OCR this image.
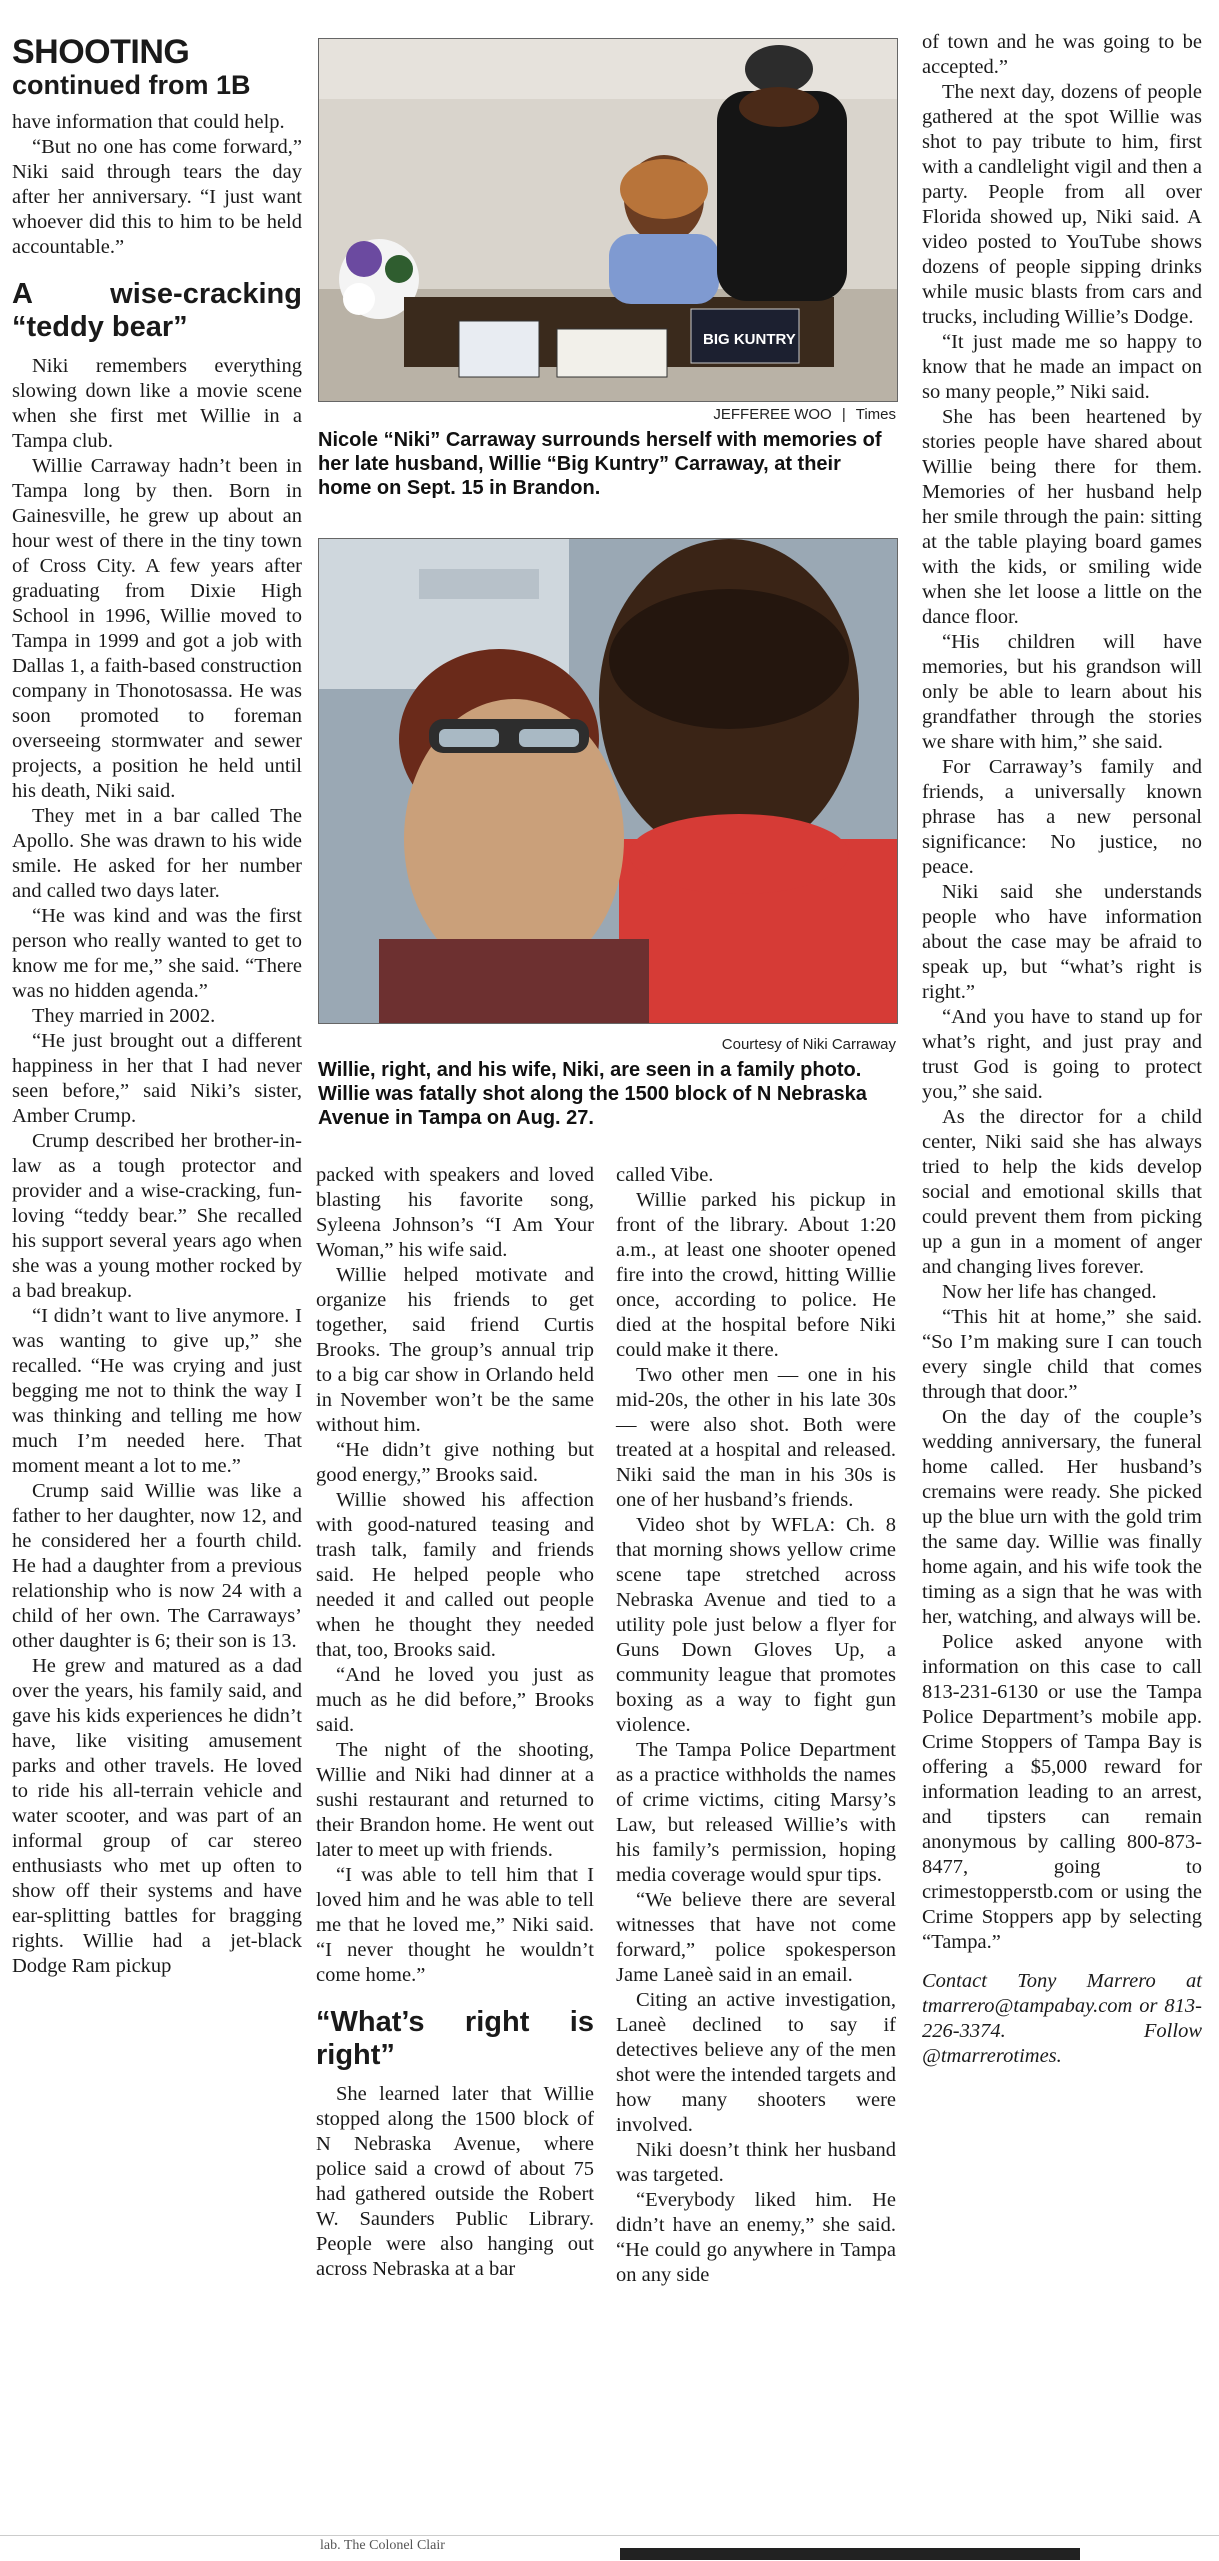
SHOOTING
continued from 1B

have information that could help.

“But no one has come forward,” Niki said through tears the day after her anniversary. “I just want whoever did this to him to be held accountable.”

A wise-cracking “teddy bear”

Niki remembers everything slowing down like a movie scene when she first met Willie in a Tampa club.

Willie Carraway hadn’t been in Tampa long by then. Born in Gainesville, he grew up about an hour west of there in the tiny town of Cross City. A few years after graduating from Dixie High School in 1996, Willie moved to Tampa in 1999 and got a job with Dallas 1, a faith-based construction company in Thonotosassa. He was soon promoted to foreman overseeing stormwater and sewer projects, a position he held until his death, Niki said.

They met in a bar called The Apollo. She was drawn to his wide smile. He asked for her number and called two days later.

“He was kind and was the first person who really wanted to get to know me for me,” she said. “There was no hidden agenda.”

They married in 2002.

“He just brought out a different happiness in her that I had never seen before,” said Niki’s sister, Amber Crump.

Crump described her brother-in-law as a tough protector and provider and a wise-cracking, fun-loving “teddy bear.” She recalled his support several years ago when she was a young mother rocked by a bad breakup.

“I didn’t want to live anymore. I was wanting to give up,” she recalled. “He was crying and just begging me not to think the way I was thinking and telling me how much I’m needed here. That moment meant a lot to me.”

Crump said Willie was like a father to her daughter, now 12, and he considered her a fourth child. He had a daughter from a previous relationship who is now 24 with a child of her own. The Carraways’ other daughter is 6; their son is 13.

He grew and matured as a dad over the years, his family said, and gave his kids experiences he didn’t have, like visiting amusement parks and other travels. He loved to ride his all-terrain vehicle and water scooter, and was part of an informal group of car stereo enthusiasts who met up often to show off their systems and have ear-splitting battles for bragging rights. Willie had a jet-black Dodge Ram pickup

BIG KUNTRY
JEFFEREE WOO | Times
Nicole “Niki” Carraway surrounds herself with memories of her late husband, Willie “Big Kuntry” Carraway, at their home on Sept. 15 in Brandon.
Courtesy of Niki Carraway
Willie, right, and his wife, Niki, are seen in a family photo. Willie was fatally shot along the 1500 block of N Nebraska Avenue in Tampa on Aug. 27.

packed with speakers and loved blasting his favorite song, Syleena Johnson’s “I Am Your Woman,” his wife said.

Willie helped motivate and organize his friends to get together, said friend Curtis Brooks. The group’s annual trip to a big car show in Orlando held in November won’t be the same without him.

“He didn’t give nothing but good energy,” Brooks said.

Willie showed his affection with good-natured teasing and trash talk, family and friends said. He helped people who needed it and called out people when he thought they needed that, too, Brooks said.

“And he loved you just as much as he did before,” Brooks said.

The night of the shooting, Willie and Niki had dinner at a sushi restaurant and returned to their Brandon home. He went out later to meet up with friends.

“I was able to tell him that I loved him and he was able to tell me that he loved me,” Niki said. “I never thought he wouldn’t come home.”

“What’s right is right”

She learned later that Willie stopped along the 1500 block of N Nebraska Avenue, where police said a crowd of about 75 had gathered outside the Robert W. Saunders Public Library. People were also hanging out across Nebraska at a bar

called Vibe.

Willie parked his pickup in front of the library. About 1:20 a.m., at least one shooter opened fire into the crowd, hitting Willie once, according to police. He died at the hospital before Niki could make it there.

Two other men — one in his mid-20s, the other in his late 30s — were also shot. Both were treated at a hospital and released. Niki said the man in his 30s is one of her husband’s friends.

Video shot by WFLA: Ch. 8 that morning shows yellow crime scene tape stretched across Nebraska Avenue and tied to a utility pole just below a flyer for Guns Down Gloves Up, a community league that promotes boxing as a way to fight gun violence.

The Tampa Police Department as a practice withholds the names of crime victims, citing Marsy’s Law, but released Willie’s with his family’s permission, hoping media coverage would spur tips.

“We believe there are several witnesses that have not come forward,” police spokesperson Jame Laneè said in an email.

Citing an active investigation, Laneè declined to say if detectives believe any of the men shot were the intended targets and how many shooters were involved.

Niki doesn’t think her husband was targeted.

“Everybody liked him. He didn’t have an enemy,” she said. “He could go anywhere in Tampa on any side

of town and he was going to be accepted.”

The next day, dozens of people gathered at the spot Willie was shot to pay tribute to him, first with a candlelight vigil and then a party. People from all over Florida showed up, Niki said. A video posted to YouTube shows dozens of people sipping drinks while music blasts from cars and trucks, including Willie’s Dodge.

“It just made me so happy to know that he made an impact on so many people,” Niki said.

She has been heartened by stories people have shared about Willie being there for them. Memories of her husband help her smile through the pain: sitting at the table playing board games with the kids, or smiling wide when she let loose a little on the dance floor.

“His children will have memories, but his grandson will only be able to learn about his grandfather through the stories we share with him,” she said.

For Carraway’s family and friends, a universally known phrase has a new personal significance: No justice, no peace.

Niki said she understands people who have information about the case may be afraid to speak up, but “what’s right is right.”

“And you have to stand up for what’s right, and just pray and trust God is going to protect you,” she said.

As the director for a child center, Niki said she has always tried to help the kids develop social and emotional skills that could prevent them from picking up a gun in a moment of anger and changing lives forever.

Now her life has changed.

“This hit at home,” she said. “So I’m making sure I can touch every single child that comes through that door.”

On the day of the couple’s wedding anniversary, the funeral home called. Her husband’s cremains were ready. She picked up the blue urn with the gold trim the same day. Willie was finally home again, and his wife took the timing as a sign that he was with her, watching, and always will be.

Police asked anyone with information on this case to call 813-231-6130 or use the Tampa Police Department’s mobile app. Crime Stoppers of Tampa Bay is offering a $5,000 reward for information leading to an arrest, and tipsters can remain anonymous by calling 800-873-8477, going to crimestopperstb.com or using the Crime Stoppers app by selecting “Tampa.”

Contact Tony Marrero at tmarrero@tampabay.com or 813-226-3374. Follow @tmarrerotimes.

lab. The Colonel Clair
